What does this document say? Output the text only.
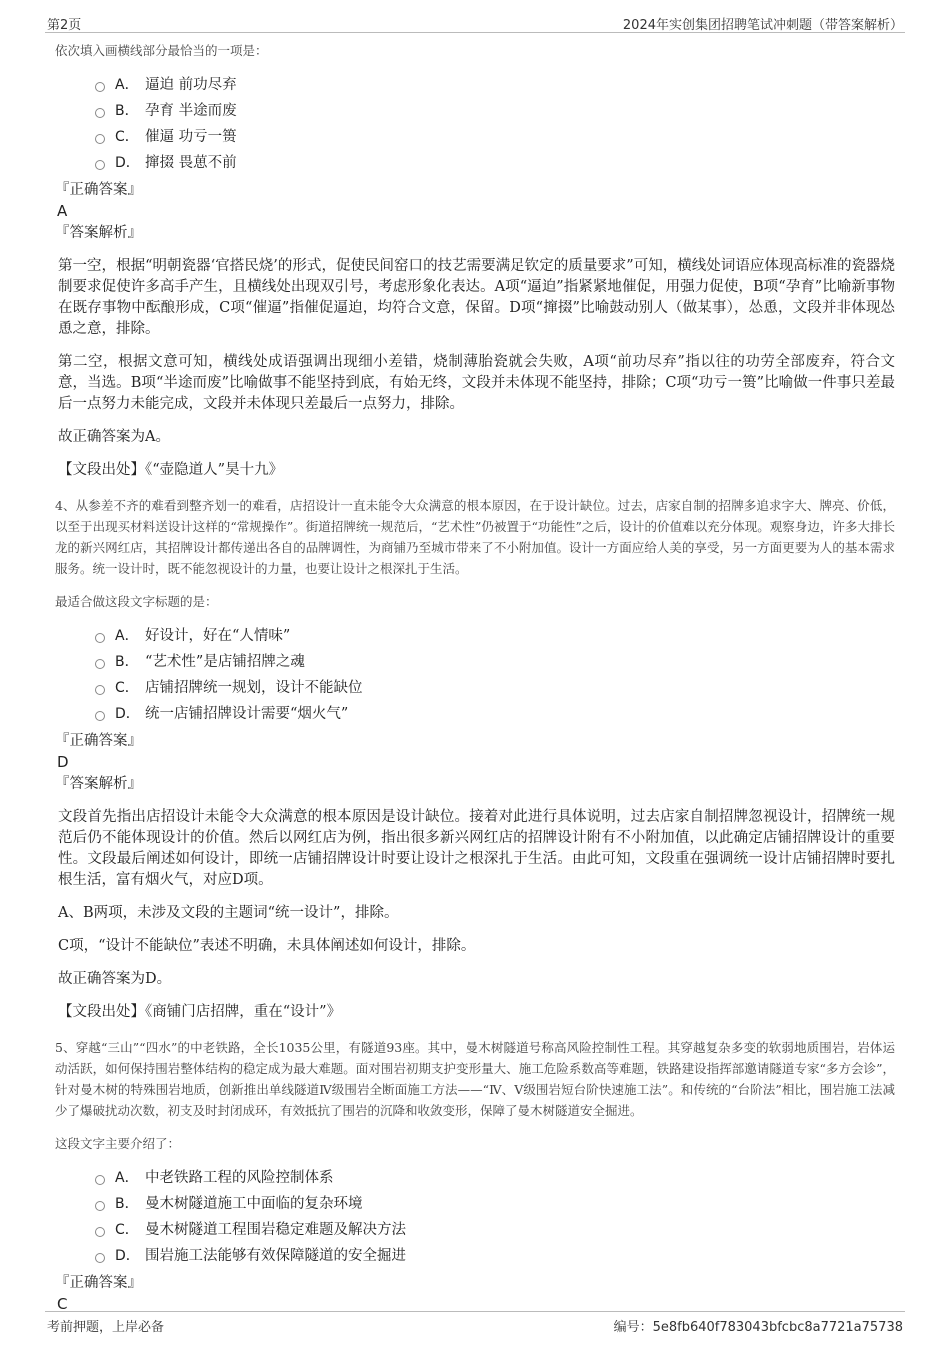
第2页	2024年实创集团招聘笔试冲刺题（带答案解析）

依次填入画横线部分最恰当的一项是：

A． 逼迫 前功尽弃
B． 孕育 半途而废
C． 催逼 功亏一篑
D． 撺掇 畏葸不前

『正确答案』

A

『答案解析』

第一空，根据“明朝瓷器‘官搭民烧’的形式，促使民间窑口的技艺需要满足钦定的质量要求”可知，横线处词语应体现高标准的瓷器烧制要求促使许多高手产生，且横线处出现双引号，考虑形象化表达。A项“逼迫”指紧紧地催促，用强力促使，B项“孕育”比喻新事物在既存事物中酝酿形成，C项“催逼”指催促逼迫，均符合文意，保留。D项“撺掇”比喻鼓动别人（做某事），怂恿，文段并非体现怂恿之意，排除。

第二空，根据文意可知，横线处成语强调出现细小差错，烧制薄胎瓷就会失败，A项“前功尽弃”指以往的功劳全部废弃，符合文意，当选。B项“半途而废”比喻做事不能坚持到底，有始无终，文段并未体现不能坚持，排除；C项“功亏一篑”比喻做一件事只差最后一点努力未能完成，文段并未体现只差最后一点努力，排除。

故正确答案为A。

【文段出处】《“壶隐道人”昊十九》

4、从参差不齐的难看到整齐划一的难看，店招设计一直未能令大众满意的根本原因，在于设计缺位。过去，店家自制的招牌多追求字大、牌亮、价低，以至于出现买材料送设计这样的“常规操作”。街道招牌统一规范后，“艺术性”仍被置于“功能性”之后，设计的价值难以充分体现。观察身边，许多大排长龙的新兴网红店，其招牌设计都传递出各自的品牌调性，为商铺乃至城市带来了不小附加值。设计一方面应给人美的享受，另一方面更要为人的基本需求服务。统一设计时，既不能忽视设计的力量，也要让设计之根深扎于生活。

最适合做这段文字标题的是：

A． 好设计，好在“人情味”
B． “艺术性”是店铺招牌之魂
C． 店铺招牌统一规划，设计不能缺位
D． 统一店铺招牌设计需要“烟火气”

『正确答案』

D

『答案解析』

文段首先指出店招设计未能令大众满意的根本原因是设计缺位。接着对此进行具体说明，过去店家自制招牌忽视设计，招牌统一规范后仍不能体现设计的价值。然后以网红店为例，指出很多新兴网红店的招牌设计附有不小附加值，以此确定店铺招牌设计的重要性。文段最后阐述如何设计，即统一店铺招牌设计时要让设计之根深扎于生活。由此可知，文段重在强调统一设计店铺招牌时要扎根生活，富有烟火气，对应D项。

A、B两项，未涉及文段的主题词“统一设计”，排除。

C项，“设计不能缺位”表述不明确，未具体阐述如何设计，排除。

故正确答案为D。

【文段出处】《商铺门店招牌，重在“设计”》

5、穿越“三山”“四水”的中老铁路，全长1035公里，有隧道93座。其中，曼木树隧道号称高风险控制性工程。其穿越复杂多变的软弱地质围岩，岩体运动活跃，如何保持围岩整体结构的稳定成为最大难题。面对围岩初期支护变形量大、施工危险系数高等难题，铁路建设指挥部邀请隧道专家“多方会诊”，针对曼木树的特殊围岩地质，创新推出单线隧道Ⅳ级围岩全断面施工方法——“Ⅳ、Ⅴ级围岩短台阶快速施工法”。和传统的“台阶法”相比，围岩施工法减少了爆破扰动次数，初支及时封闭成环，有效抵抗了围岩的沉降和收敛变形，保障了曼木树隧道安全掘进。

这段文字主要介绍了：

A． 中老铁路工程的风险控制体系
B． 曼木树隧道施工中面临的复杂环境
C． 曼木树隧道工程围岩稳定难题及解决方法
D． 围岩施工法能够有效保障隧道的安全掘进

『正确答案』

C

考前押题，上岸必备	编号：5e8fb640f783043bfcbc8a7721a75738
